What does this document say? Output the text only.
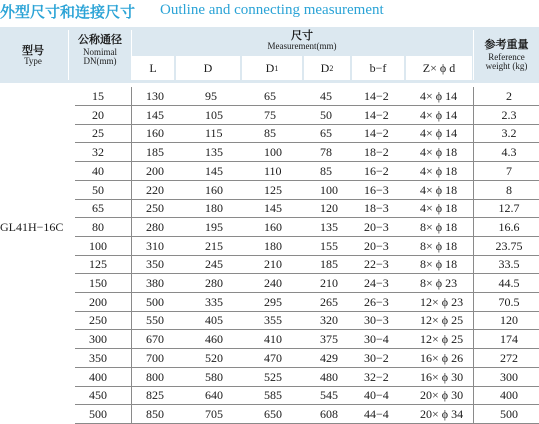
外型尺寸和连接尺寸 Outline and connecting measurement
型号
Type
公称通径
Nomimal
DN(mm)
尺寸
Measurement(mm)	参考重量
Reference
weight (kg)
L	D	D 1	D 2	b−f	Z× ϕ d
GL41H−16C
15	130	95	65	45	14−2	4× ϕ 14	2
20	145	105	75	50	14−2	4× ϕ 14	2.3
25	160	115	85	65	14−2	4× ϕ 14	3.2
32	185	135	100	78	18−2	4× ϕ 18	4.3
40	200	145	110	85	16−2	4× ϕ 18	7
50	220	160	125	100 16−3	4× ϕ 18	8
65	250	180	145	120 18−3	4× ϕ 18	12.7
80	280	195	160	135 20−3	8× ϕ 18	16.6
100	310	215	180	155 20−3	8× ϕ 18	23.75
125	350	245	210	185 22−3	8× ϕ 18	33.5
150	380	280	240	210 24−3	8× ϕ 23	44.5
200	500	335	295	265 26−3	12× ϕ 23	70.5
250	550	405	355	320 30−3	12× ϕ 25	120
300	670	460	410	375 30−4	12× ϕ 25	174
350	700	520	470	429 30−2	16× ϕ 26	272
400	800	580	525	480 32−2	16× ϕ 30	300
450	825	640	585	545 40−4	20× ϕ 30	400
500	850	705	650	608 44−4	20× ϕ 34	500
